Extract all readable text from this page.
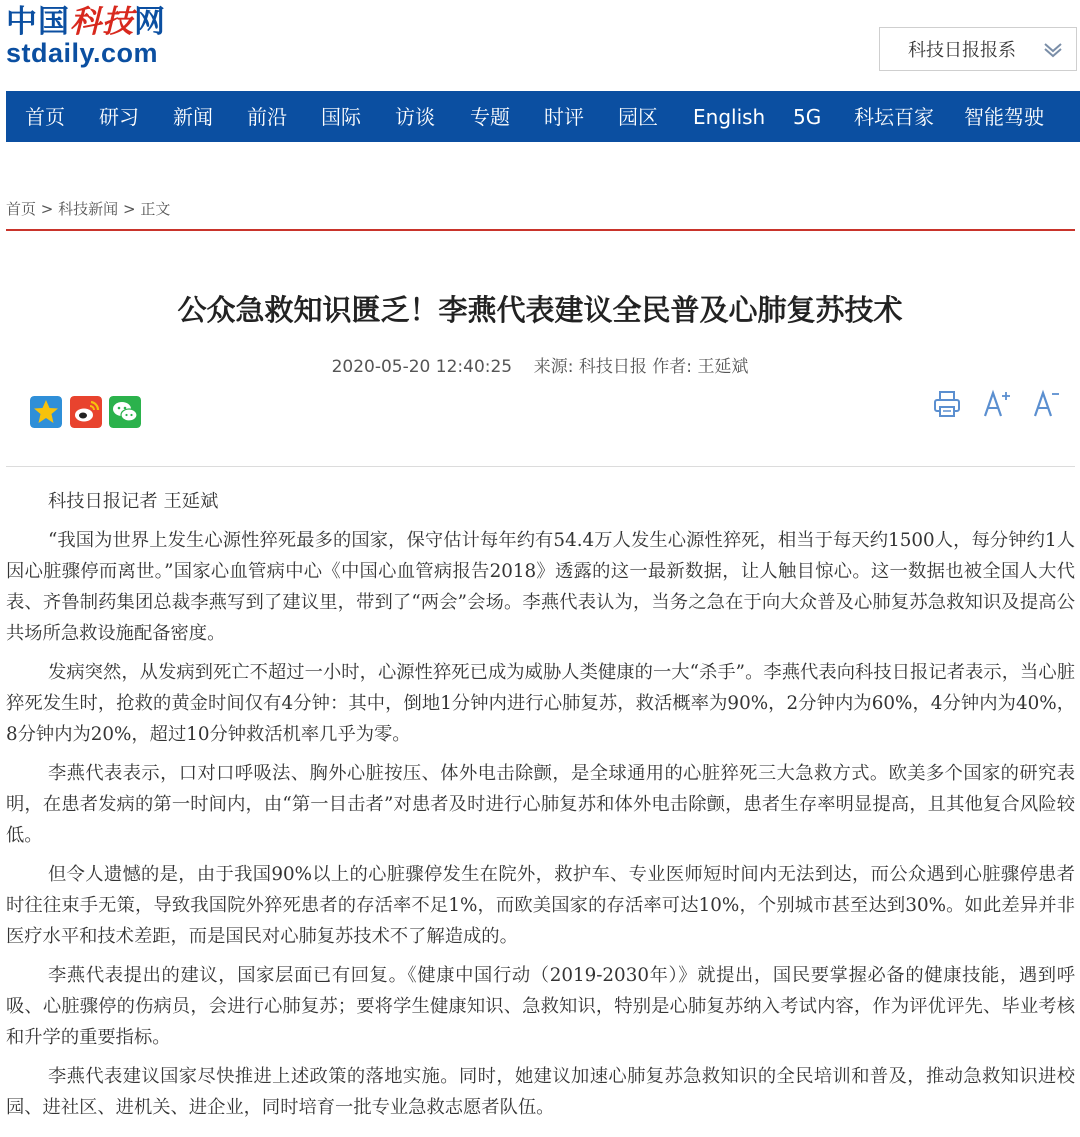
中国科技网
stdaily.com	科技日报报系
首页 研习 新闻 前沿 国际 访谈 专题 时评 园区 English 5G 科坛百家 智能驾驶
首页 > 科技新闻 > 正文
公众急救知识匮乏！李燕代表建议全民普及心肺复苏技术
2020-05-20 12:40:25 来源: 科技日报 作者: 王延斌

科技日报记者 王延斌

“我国为世界上发生心源性猝死最多的国家，保守估计每年约有54.4万人发生心源性猝死，相当于每天约1500人，每分钟约1人因心脏骤停而离世。”国家心血管病中心《中国心血管病报告2018》透露的这一最新数据，让人触目惊心。这一数据也被全国人大代表、齐鲁制药集团总裁李燕写到了建议里，带到了“两会”会场。李燕代表认为，当务之急在于向大众普及心肺复苏急救知识及提高公共场所急救设施配备密度。

发病突然，从发病到死亡不超过一小时，心源性猝死已成为威胁人类健康的一大“杀手”。李燕代表向科技日报记者表示，当心脏猝死发生时，抢救的黄金时间仅有4分钟：其中，倒地1分钟内进行心肺复苏，救活概率为90%，2分钟内为60%，4分钟内为40%，8分钟内为20%，超过10分钟救活机率几乎为零。

李燕代表表示，口对口呼吸法、胸外心脏按压、体外电击除颤，是全球通用的心脏猝死三大急救方式。欧美多个国家的研究表明，在患者发病的第一时间内，由“第一目击者”对患者及时进行心肺复苏和体外电击除颤，患者生存率明显提高，且其他复合风险较低。

但令人遗憾的是，由于我国90%以上的心脏骤停发生在院外，救护车、专业医师短时间内无法到达，而公众遇到心脏骤停患者时往往束手无策，导致我国院外猝死患者的存活率不足1%，而欧美国家的存活率可达10%，个别城市甚至达到30%。如此差异并非医疗水平和技术差距，而是国民对心肺复苏技术不了解造成的。

李燕代表提出的建议，国家层面已有回复。《健康中国行动（2019-2030年）》就提出，国民要掌握必备的健康技能，遇到呼吸、心脏骤停的伤病员，会进行心肺复苏；要将学生健康知识、急救知识，特别是心肺复苏纳入考试内容，作为评优评先、毕业考核和升学的重要指标。

李燕代表建议国家尽快推进上述政策的落地实施。同时，她建议加速心肺复苏急救知识的全民培训和普及，推动急救知识进校园、进社区、进机关、进企业，同时培育一批专业急救志愿者队伍。
